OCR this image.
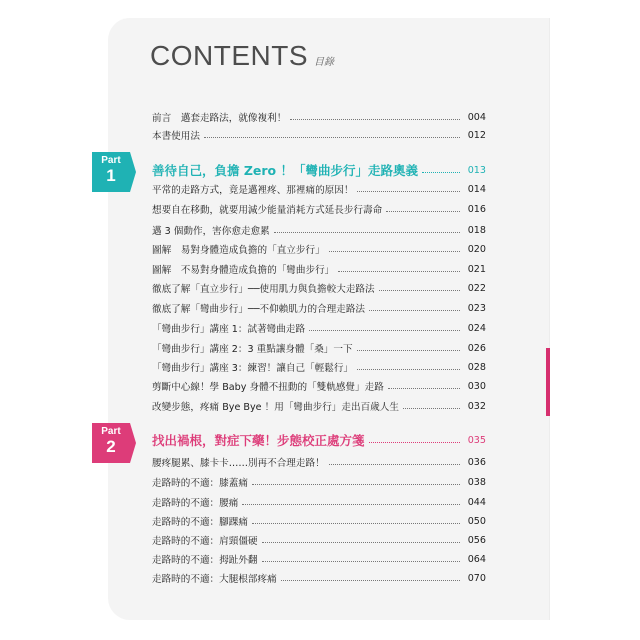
CONTENTS 目錄
前言　邁套走路法，就像複利！	004
本書使用法	012
Part
1	善待自己，負擔 Zero ！「彎曲步行」走路奧義	013
平常的走路方式，竟是邁裡疼、那裡痛的原因！	014
想要自在移動，就要用減少能量消耗方式延長步行壽命	016
邁 3 個動作，害你愈走愈累	018
圖解　易對身體造成負擔的「直立步行」	020
圖解　不易對身體造成負擔的「彎曲步行」	021
徹底了解「直立步行」──使用肌力與負擔較大走路法	022
徹底了解「彎曲步行」──不仰賴肌力的合理走路法	023
「彎曲步行」講座 1：試著彎曲走路	024
「彎曲步行」講座 2：3 重點讓身體「桑」一下	026
「彎曲步行」講座 3：練習！讓自己「輕鬆行」	028
剪斷中心線！學 Baby 身體不扭動的「雙軌感覺」走路	030
改變步態，疼痛 Bye Bye ！用「彎曲步行」走出百歲人生	032
Part
2	找出禍根，對症下藥！步態校正處方箋	035
腰疼腿累、膝卡卡……別再不合理走路！	036
走路時的不適：膝蓋痛	038
走路時的不適：腰痛	044
走路時的不適：腳踝痛	050
走路時的不適：肩頸僵硬	056
走路時的不適：拇趾外翻	064
走路時的不適：大腿根部疼痛	070
